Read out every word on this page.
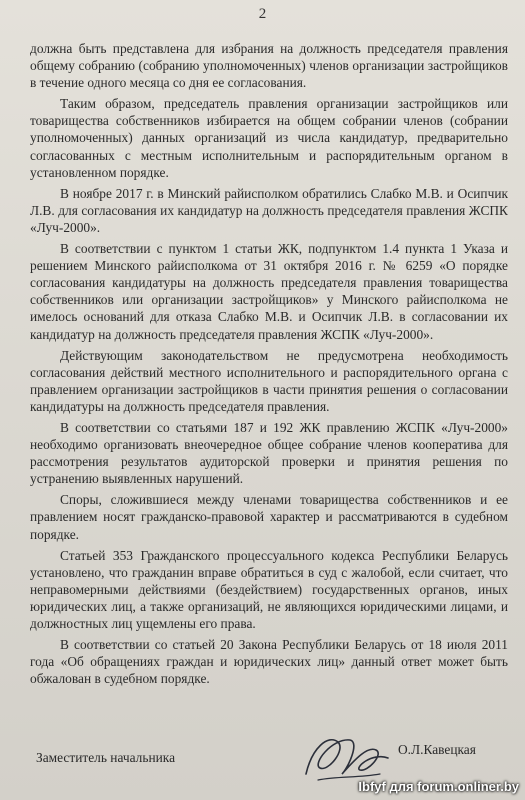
2

должна быть представлена для избрания на должность председателя правления общему собранию (собранию уполномоченных) членов организации застройщиков в течение одного месяца со дня ее согласования.

Таким образом, председатель правления организации застройщиков или товарищества собственников избирается на общем собрании членов (собрании уполномоченных) данных организаций из числа кандидатур, предварительно согласованных с местным исполнительным и распорядительным органом в установленном порядке.

В ноябре 2017 г. в Минский райисполком обратились Слабко М.В. и Осипчик Л.В. для согласования их кандидатур на должность председателя правления ЖСПК «Луч-2000».

В соответствии с пунктом 1 статьи ЖК, подпунктом 1.4 пункта 1 Указа и решением Минского райисполкома от 31 октября 2016 г. № 6259 «О порядке согласования кандидатуры на должность председателя правления товарищества собственников или организации застройщиков» у Минского райисполкома не имелось оснований для отказа Слабко М.В. и Осипчик Л.В. в согласовании их кандидатур на должность председателя правления ЖСПК «Луч-2000».

Действующим законодательством не предусмотрена необходимость согласования действий местного исполнительного и распорядительного органа с правлением организации застройщиков в части принятия решения о согласовании кандидатуры на должность председателя правления.

В соответствии со статьями 187 и 192 ЖК правлению ЖСПК «Луч-2000» необходимо организовать внеочередное общее собрание членов кооператива для рассмотрения результатов аудиторской проверки и принятия решения по устранению выявленных нарушений.

Споры, сложившиеся между членами товарищества собственников и ее правлением носят гражданско-правовой характер и рассматриваются в судебном порядке.

Статьей 353 Гражданского процессуального кодекса Республики Беларусь установлено, что гражданин вправе обратиться в суд с жалобой, если считает, что неправомерными действиями (бездействием) государственных органов, иных юридических лиц, а также организаций, не являющихся юридическими лицами, и должностных лиц ущемлены его права.

В соответствии со статьей 20 Закона Республики Беларусь от 18 июля 2011 года «Об обращениях граждан и юридических лиц» данный ответ может быть обжалован в судебном порядке.

Заместитель начальника
О.Л.Кавецкая
Ibfyf для forum.onliner.by
